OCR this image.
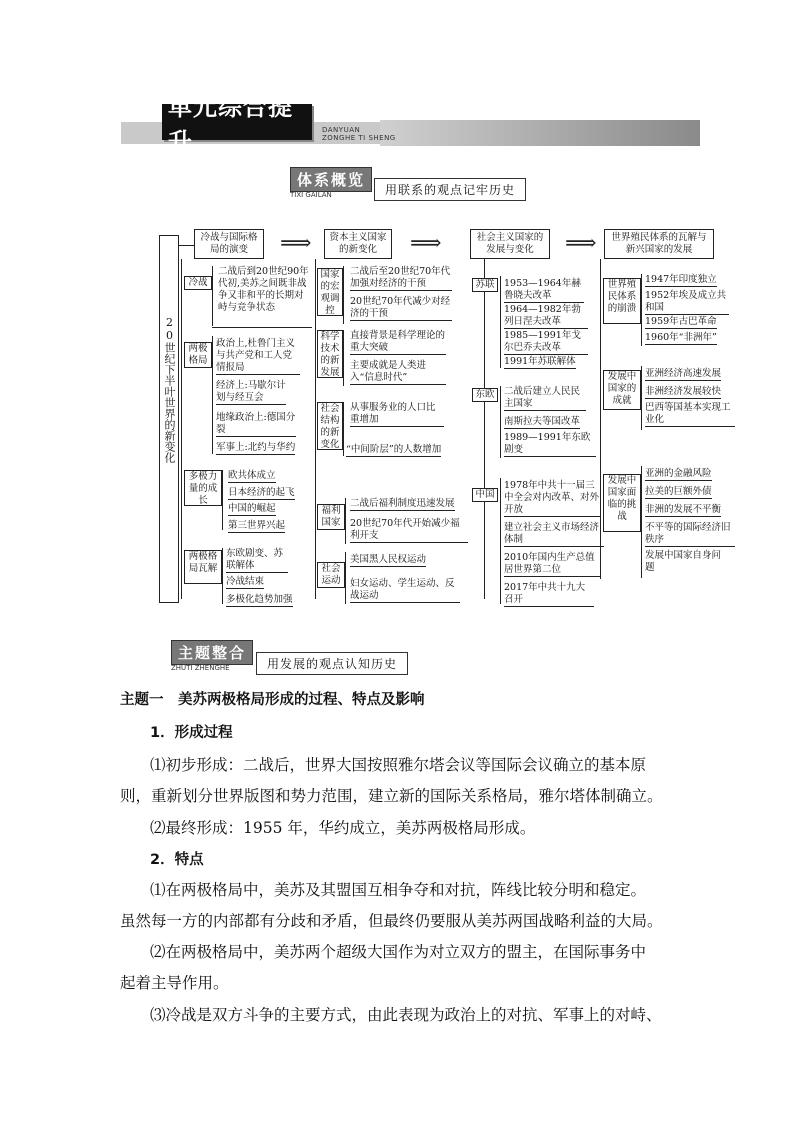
单元综合提升	DANYUAN
ZONGHE TI SHENG
体系概览
TIXI GAILAN	用联系的观点记牢历史
20世纪下半叶世界的新变化
冷战与国际格局的演变	⟹	资本主义国家的新变化	⟹	社会主义国家的发展与变化	⟹	世界殖民体系的瓦解与新兴国家的发展
冷战
二战后到20世纪90年代初,美苏之间既非战争又非和平的长期对峙与竞争状态
两极格局
政治上,杜鲁门主义与共产党和工人党情报局
经济上:马歇尔计划与经互会
地缘政治上:德国分裂
军事上:北约与华约
多极力量的成长
欧共体成立
日本经济的起飞
中国的崛起
第三世界兴起
两极格局瓦解
东欧剧变、苏联解体
冷战结束
多极化趋势加强
国家的宏观调控
二战后至20世纪70年代加强对经济的干预
20世纪70年代减少对经济的干预
科学技术的新发展
直接背景是科学理论的重大突破
主要成就是人类进入“信息时代”
社会结构的新变化
从事服务业的人口比重增加
“中间阶层”的人数增加
福利国家
二战后福利制度迅速发展
20世纪70年代开始减少福利开支
社会运动
美国黑人民权运动
妇女运动、学生运动、反战运动
苏联	1953—1964年赫鲁晓夫改革
1964—1982年勃列日涅夫改革
1985—1991年戈尔巴乔夫改革
1991年苏联解体
东欧	二战后建立人民民主国家
南斯拉夫等国改革
1989—1991年东欧剧变
中国
1978年中共十一届三中全会对内改革、对外开放
建立社会主义市场经济体制
2010年国内生产总值居世界第二位
2017年中共十九大召开
世界殖民体系的崩溃
1947年印度独立
1952年埃及成立共和国
1959年古巴革命
1960年“非洲年”
发展中国家的成就
亚洲经济高速发展
非洲经济发展较快
巴西等国基本实现工业化
发展中国家面临的挑战
亚洲的金融风险
拉美的巨额外债
非洲的发展不平衡
不平等的国际经济旧秩序
发展中国家自身问题
主题整合
ZHUTI ZHENGHE	用发展的观点认知历史
主题一　美苏两极格局形成的过程、特点及影响
1．形成过程
⑴初步形成：二战后，世界大国按照雅尔塔会议等国际会议确立的基本原
则，重新划分世界版图和势力范围，建立新的国际关系格局，雅尔塔体制确立。
⑵最终形成：1955 年，华约成立，美苏两极格局形成。
2．特点
⑴在两极格局中，美苏及其盟国互相争夺和对抗，阵线比较分明和稳定。
虽然每一方的内部都有分歧和矛盾，但最终仍要服从美苏两国战略利益的大局。
⑵在两极格局中，美苏两个超级大国作为对立双方的盟主，在国际事务中
起着主导作用。
⑶冷战是双方斗争的主要方式，由此表现为政治上的对抗、军事上的对峙、
